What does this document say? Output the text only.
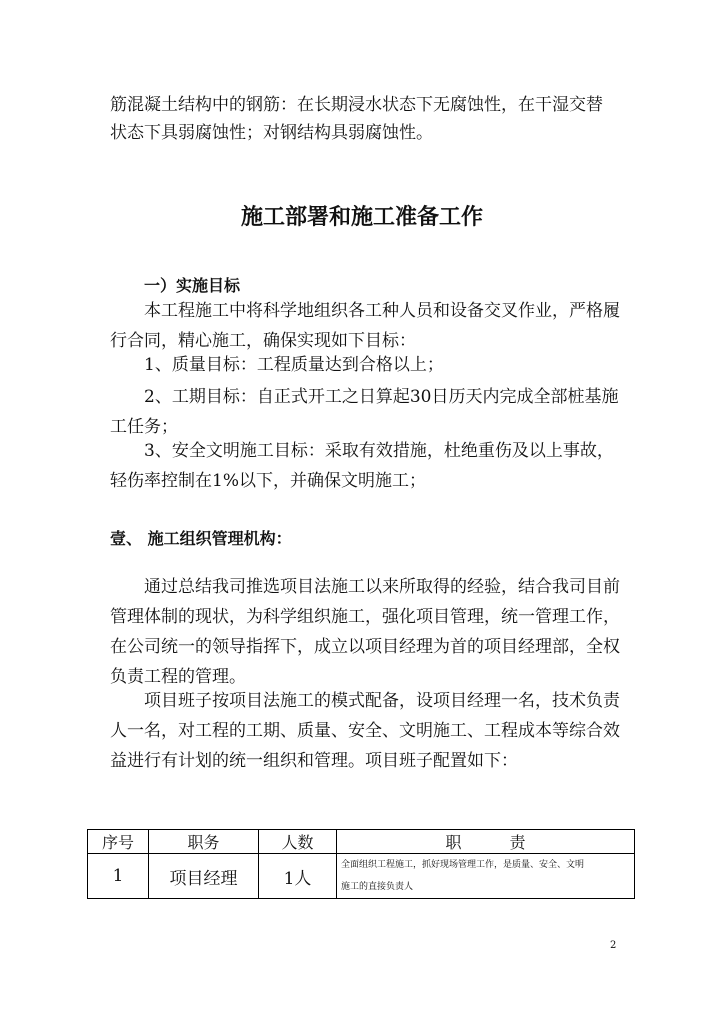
筋混凝土结构中的钢筋：在长期浸水状态下无腐蚀性，在干湿交替

状态下具弱腐蚀性；对钢结构具弱腐蚀性。

施工部署和施工准备工作
一）实施目标

本工程施工中将科学地组织各工种人员和设备交叉作业，严格履行合同，精心施工，确保实现如下目标：

1、质量目标：工程质量达到合格以上；

2、工期目标：自正式开工之日算起30日历天内完成全部桩基施工任务；

3、安全文明施工目标：采取有效措施，杜绝重伤及以上事故，轻伤率控制在1%以下，并确保文明施工；

壹、 施工组织管理机构：

通过总结我司推选项目法施工以来所取得的经验，结合我司目前管理体制的现状，为科学组织施工，强化项目管理，统一管理工作，在公司统一的领导指挥下，成立以项目经理为首的项目经理部，全权负责工程的管理。

项目班子按项目法施工的模式配备，设项目经理一名，技术负责人一名，对工程的工期、质量、安全、文明施工、工程成本等综合效益进行有计划的统一组织和管理。项目班子配置如下：

序号	职务	人数	职　　　责
1	项目经理	1人	全面组织工程施工，抓好现场管理工作，是质量、安全、文明
施工的直接负责人
2
